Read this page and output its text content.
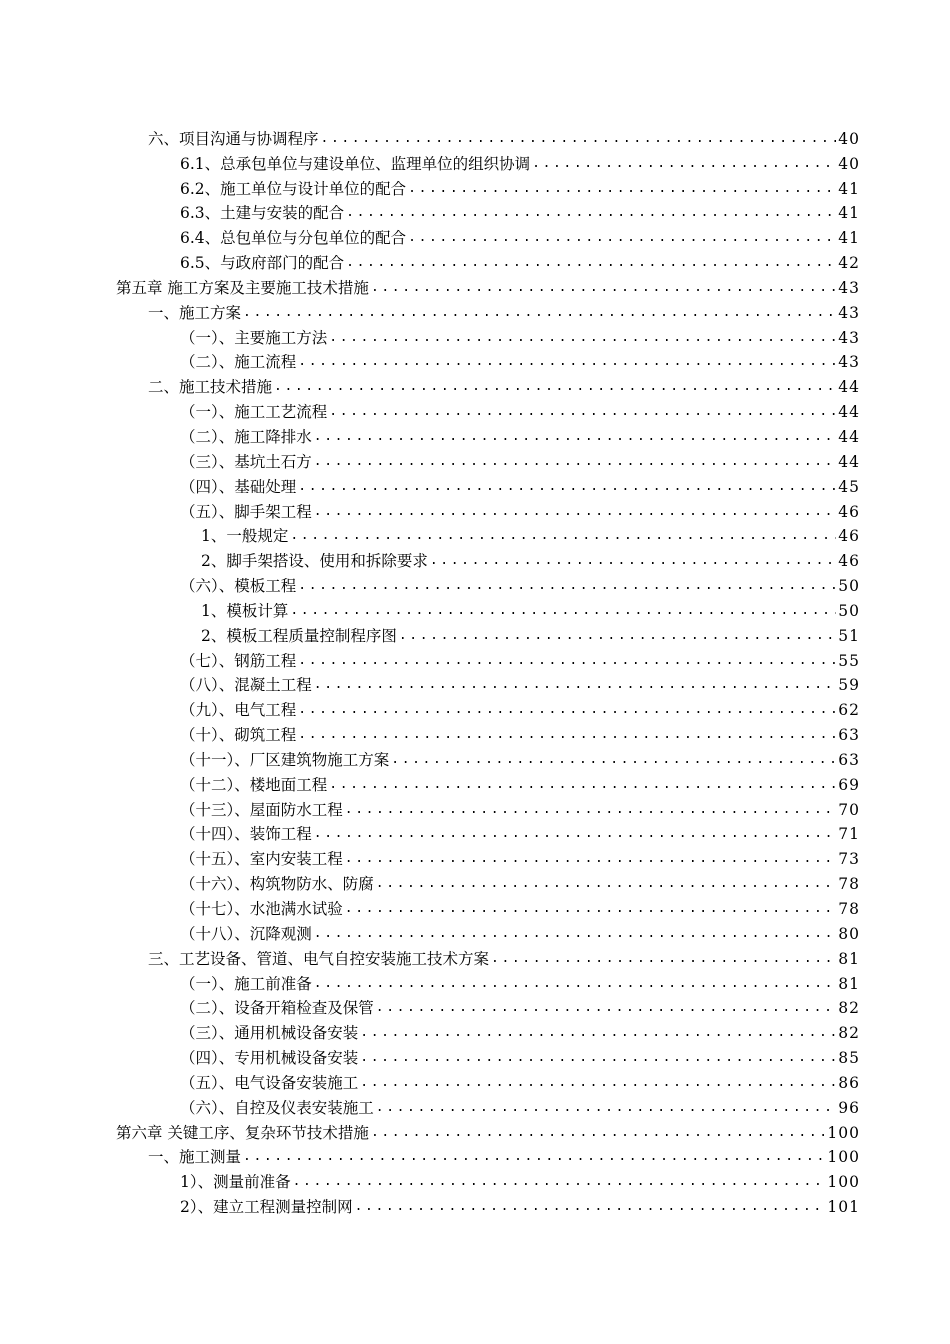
六、项目沟通与协调程序 .....	40
6.1、总承包单位与建设单位、监理单位的组织协调 .....	40
6.2、施工单位与设计单位的配合 .....	41
6.3、土建与安装的配合 .....	41
6.4、总包单位与分包单位的配合 .....	41
6.5、与政府部门的配合 .....	42
第五章 施工方案及主要施工技术措施 .....	43
一、施工方案 .....	43
（一）、主要施工方法 .....	43
（二）、施工流程 .....	43
二、施工技术措施 .....	44
（一）、施工工艺流程 .....	44
（二）、施工降排水 .....	44
（三）、基坑土石方 .....	44
（四）、基础处理 .....	45
（五）、脚手架工程 .....	46
1、一般规定 .....	46
2、脚手架搭设、使用和拆除要求 .....	46
（六）、模板工程 .....	50
1、模板计算 .....	50
2、模板工程质量控制程序图 .....	51
（七）、钢筋工程 .....	55
（八）、混凝土工程 .....	59
（九）、电气工程 .....	62
（十）、砌筑工程 .....	63
（十一）、厂区建筑物施工方案 .....	63
（十二）、楼地面工程 .....	69
（十三）、屋面防水工程 .....	70
（十四）、装饰工程 .....	71
（十五）、室内安装工程 .....	73
（十六）、构筑物防水、防腐 .....	78
（十七）、水池满水试验 .....	78
（十八）、沉降观测 .....	80
三、工艺设备、管道、电气自控安装施工技术方案 .....	81
（一）、施工前准备 .....	81
（二）、设备开箱检查及保管 .....	82
（三）、通用机械设备安装 .....	82
（四）、专用机械设备安装 .....	85
（五）、电气设备安装施工 .....	86
（六）、自控及仪表安装施工 .....	96
第六章 关键工序、复杂环节技术措施 .....	100
一、施工测量 .....	100
1）、测量前准备 .....	100
2）、建立工程测量控制网 .....	101
